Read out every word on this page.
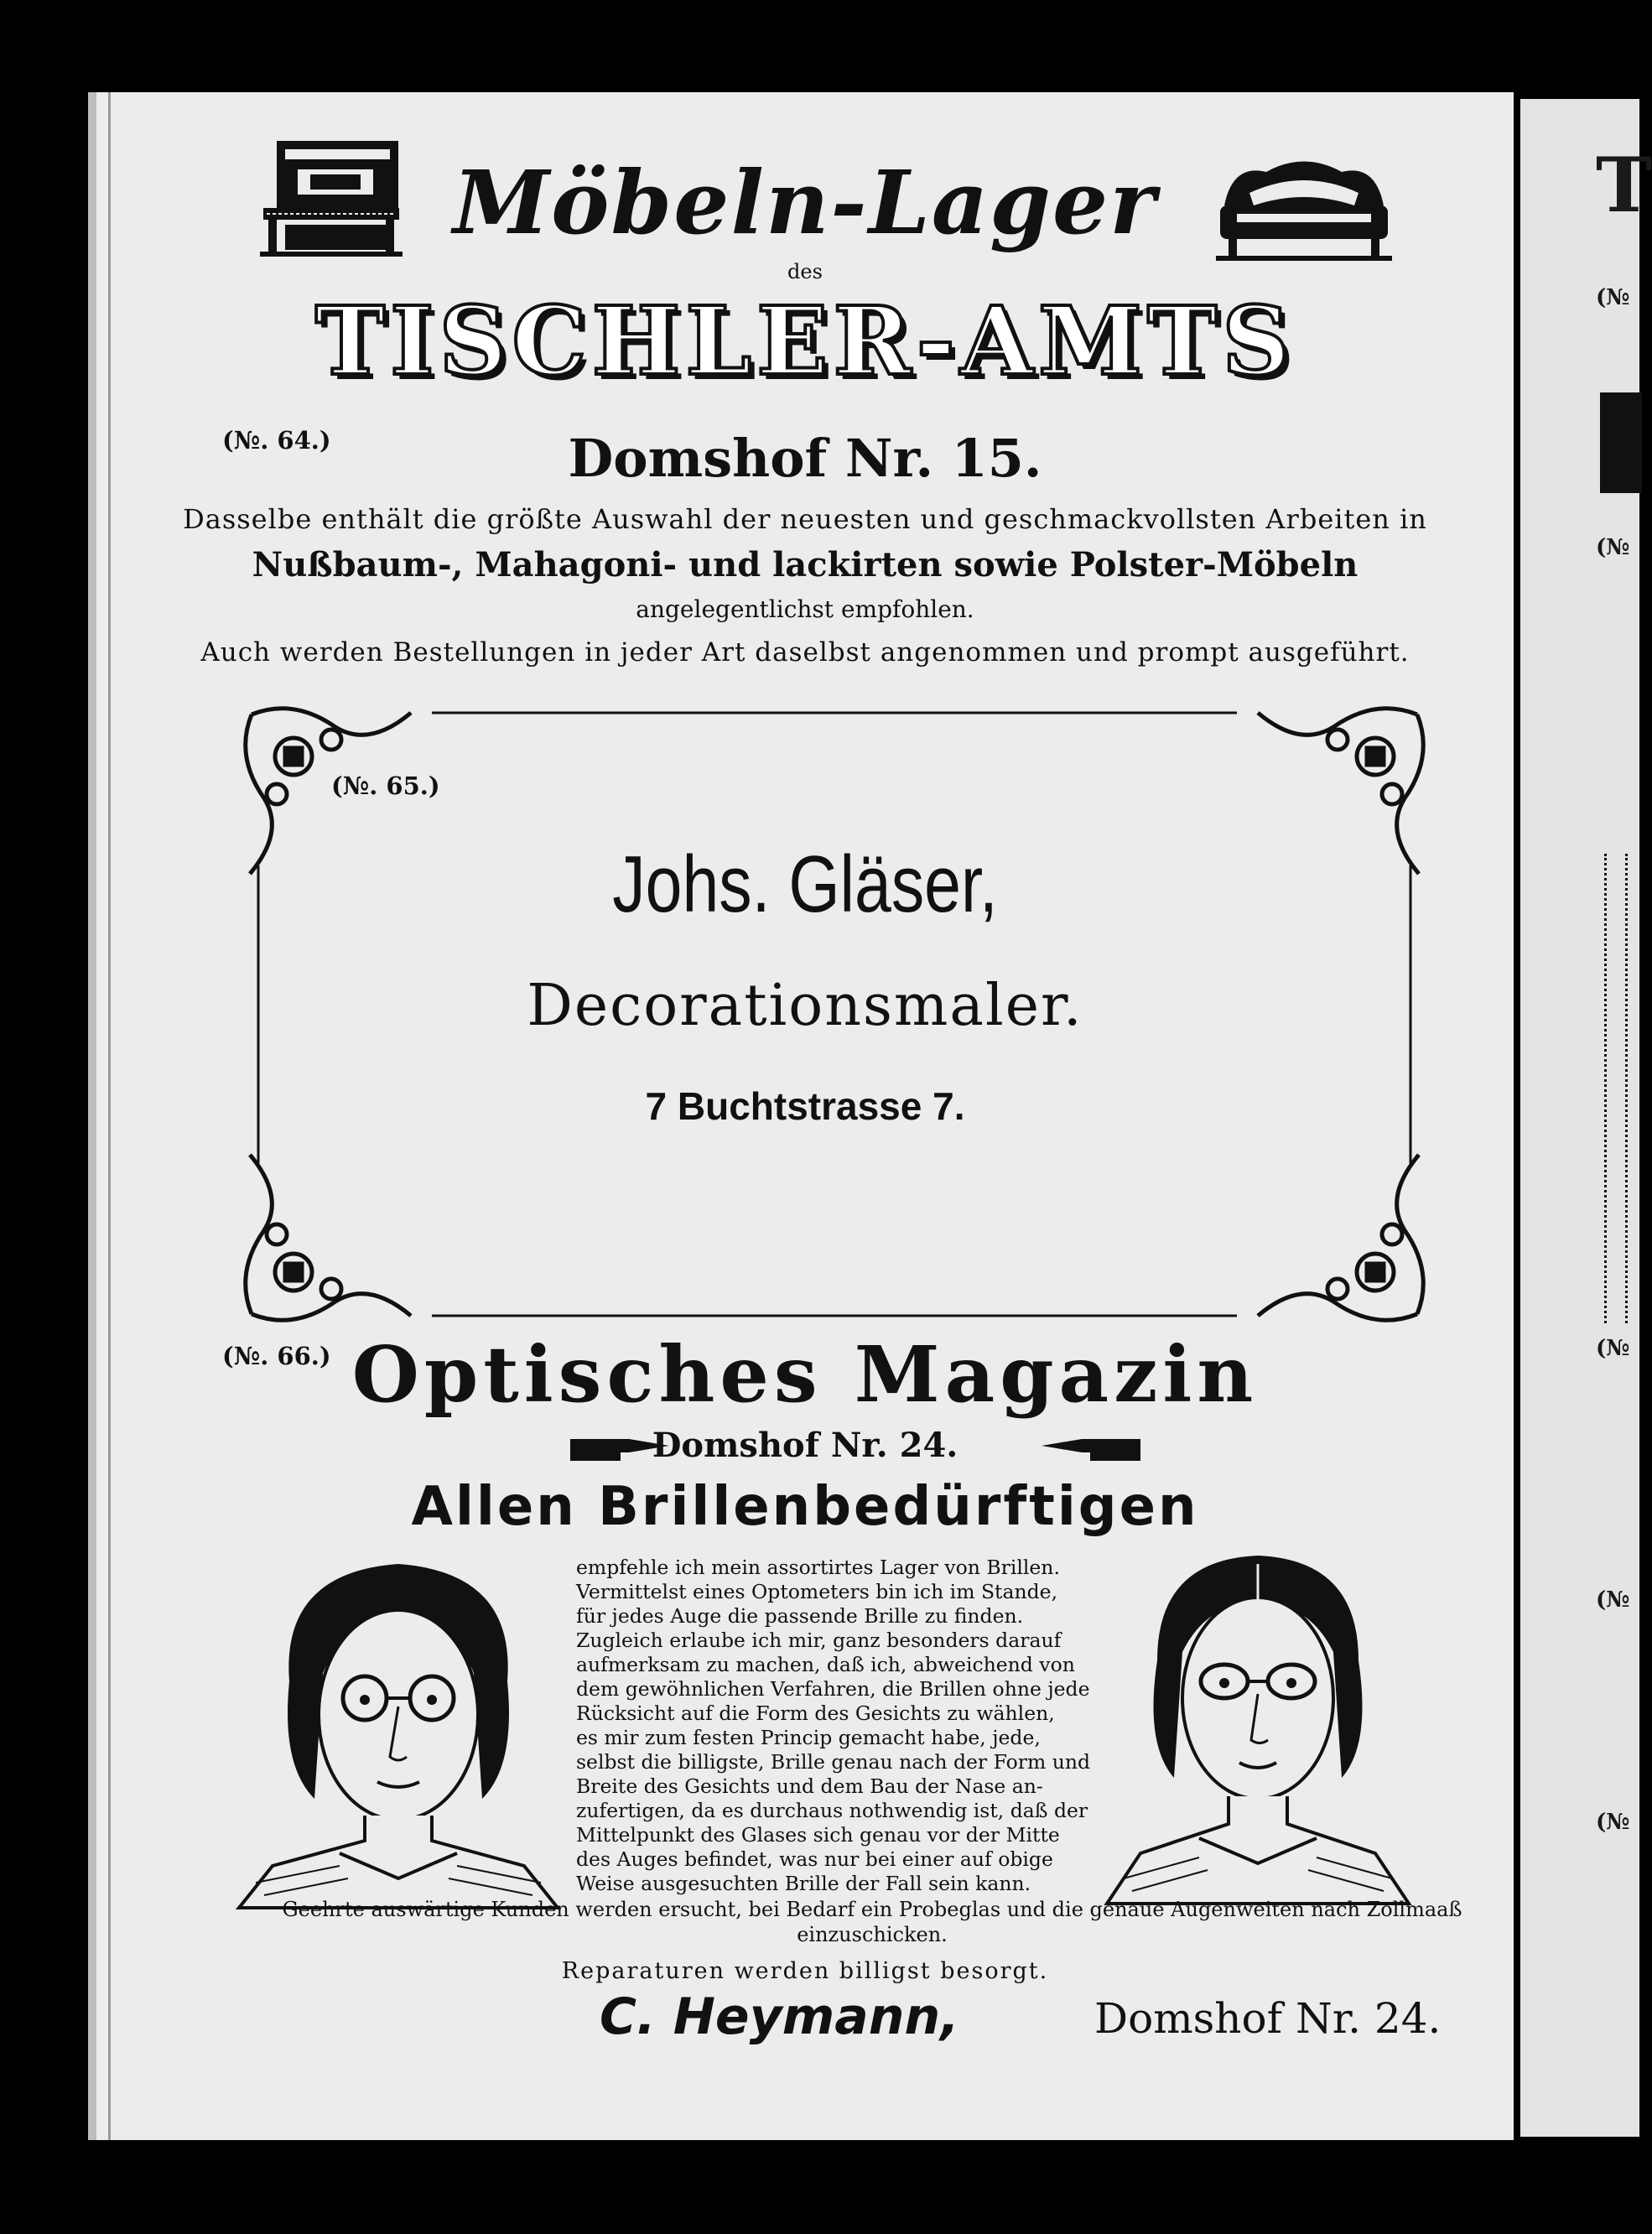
Möbeln-Lager
des
TISCHLER-AMTS
(№. 64.)	Domshof Nr. 15.
Dasselbe enthält die größte Auswahl der neuesten und geschmackvollsten Arbeiten in
Nußbaum-, Mahagoni- und lackirten sowie Polster-Möbeln
angelegentlichst empfohlen.
Auch werden Bestellungen in jeder Art daselbst angenommen und prompt ausgeführt.
(№. 65.)
Johs. Gläser,
Decorationsmaler.
7 Buchtstrasse 7.
(№. 66.) Optisches Magazin
Domshof Nr. 24.
Allen Brillenbedürftigen
empfehle ich mein assortirtes Lager von Brillen.
Vermittelst eines Optometers bin ich im Stande,
für jedes Auge die passende Brille zu finden.
Zugleich erlaube ich mir, ganz besonders darauf
aufmerksam zu machen, daß ich, abweichend von
dem gewöhnlichen Verfahren, die Brillen ohne jede
Rücksicht auf die Form des Gesichts zu wählen,
es mir zum festen Princip gemacht habe, jede,
selbst die billigste, Brille genau nach der Form und
Breite des Gesichts und dem Bau der Nase an-
zufertigen, da es durchaus nothwendig ist, daß der
Mittelpunkt des Glases sich genau vor der Mitte
des Auges befindet, was nur bei einer auf obige
Weise ausgesuchten Brille der Fall sein kann.
Geehrte auswärtige Kunden werden ersucht, bei Bedarf ein Probeglas und die genaue Augenweiten nach Zollmaaß einzuschicken.
Reparaturen werden billigst besorgt.
C. Heymann,	Domshof Nr. 24.
T
(№
(№
(№
(№
(№
